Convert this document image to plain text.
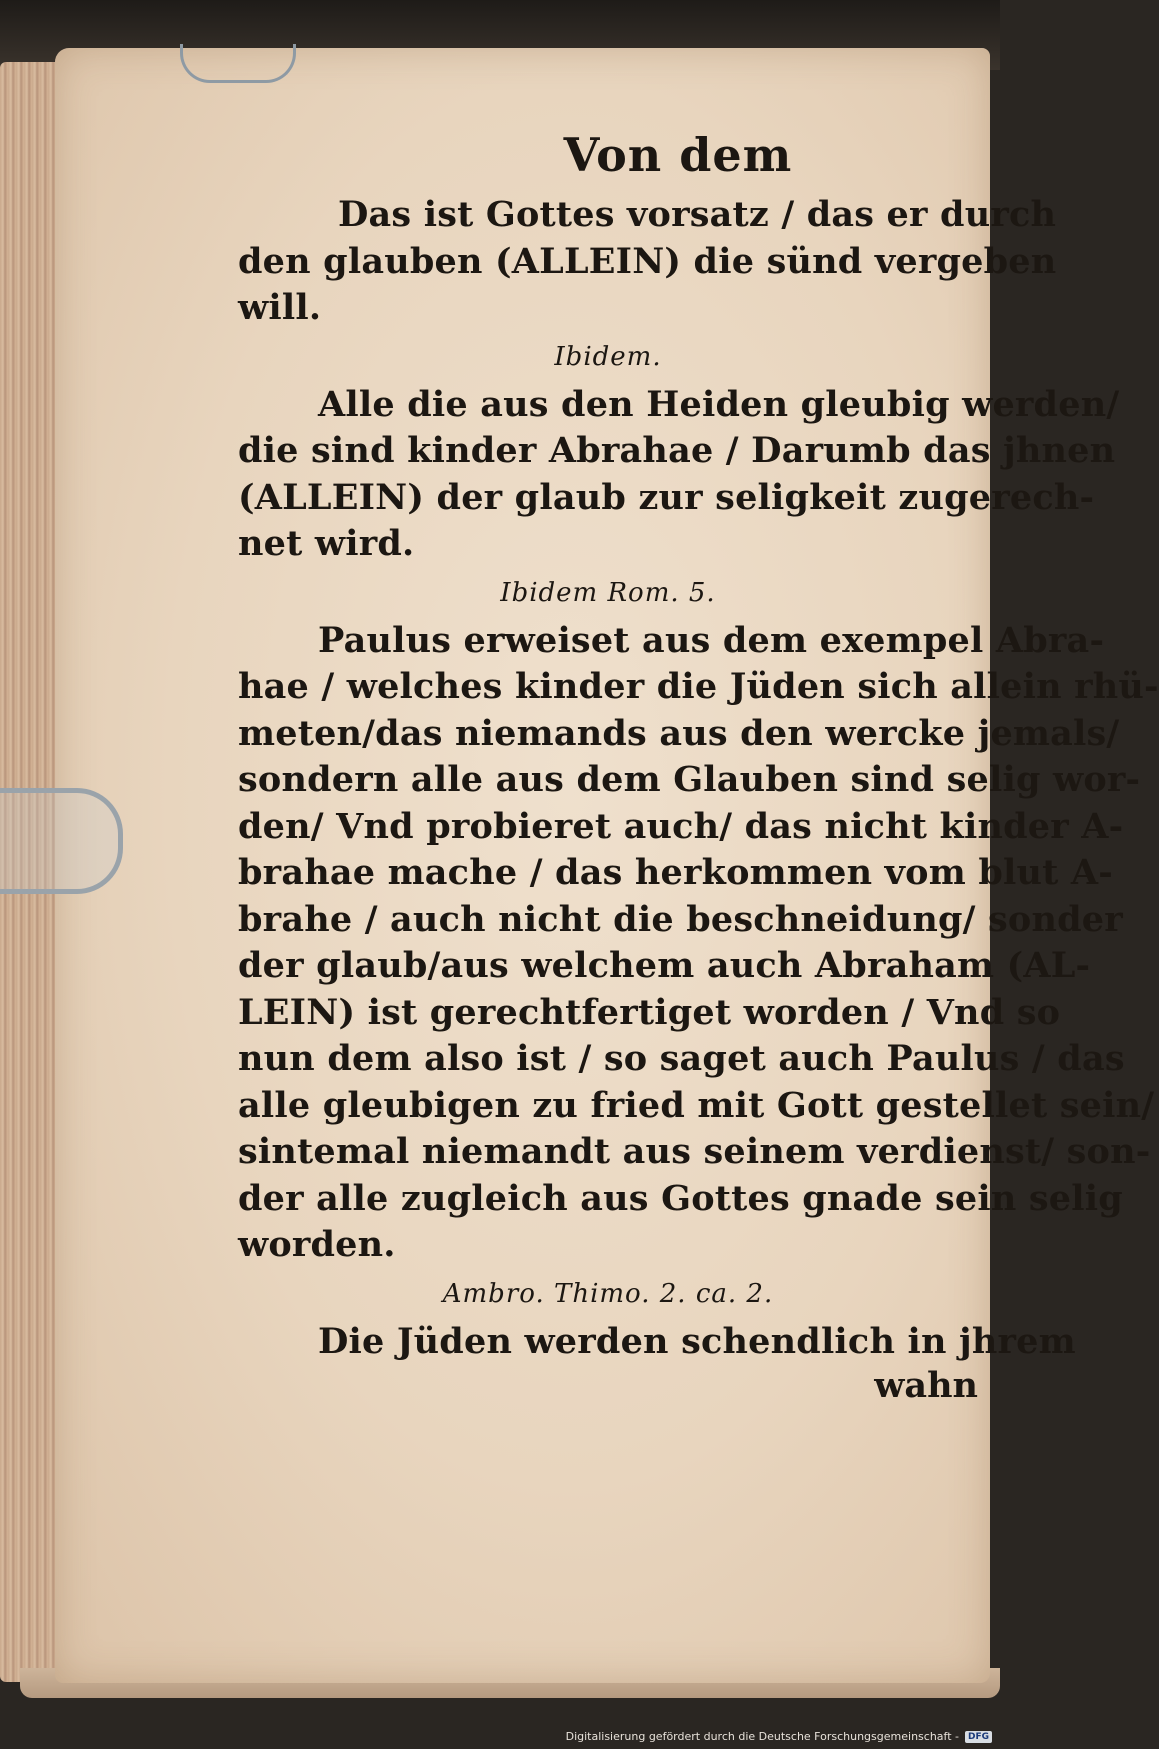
Von dem

Das ist Gottes vorsatz / das er durch
den glauben (ALLEIN) die sünd vergeben
will.

Ibidem.

Alle die aus den Heiden gleubig werden/
die sind kinder Abrahae / Darumb das jhnen
(ALLEIN) der glaub zur seligkeit zugerech-
net wird.

Ibidem Rom. 5.

Paulus erweiset aus dem exempel Abra-
hae / welches kinder die Jüden sich allein rhü-
meten/das niemands aus den wercke jemals/
sondern alle aus dem Glauben sind selig wor-
den/ Vnd probieret auch/ das nicht kinder A-
brahae mache / das herkommen vom blut A-
brahe / auch nicht die beschneidung/ sonder
der glaub/aus welchem auch Abraham (AL-
LEIN) ist gerechtfertiget worden / Vnd so
nun dem also ist / so saget auch Paulus / das
alle gleubigen zu fried mit Gott gestellet sein/
sintemal niemandt aus seinem verdienst/ son-
der alle zugleich aus Gottes gnade sein selig
worden.

Ambro. Thimo. 2. ca. 2.

Die Jüden werden schendlich in jhrem

wahn

Digitalisierung gefördert durch die Deutsche Forschungsgemeinschaft -	DFG
